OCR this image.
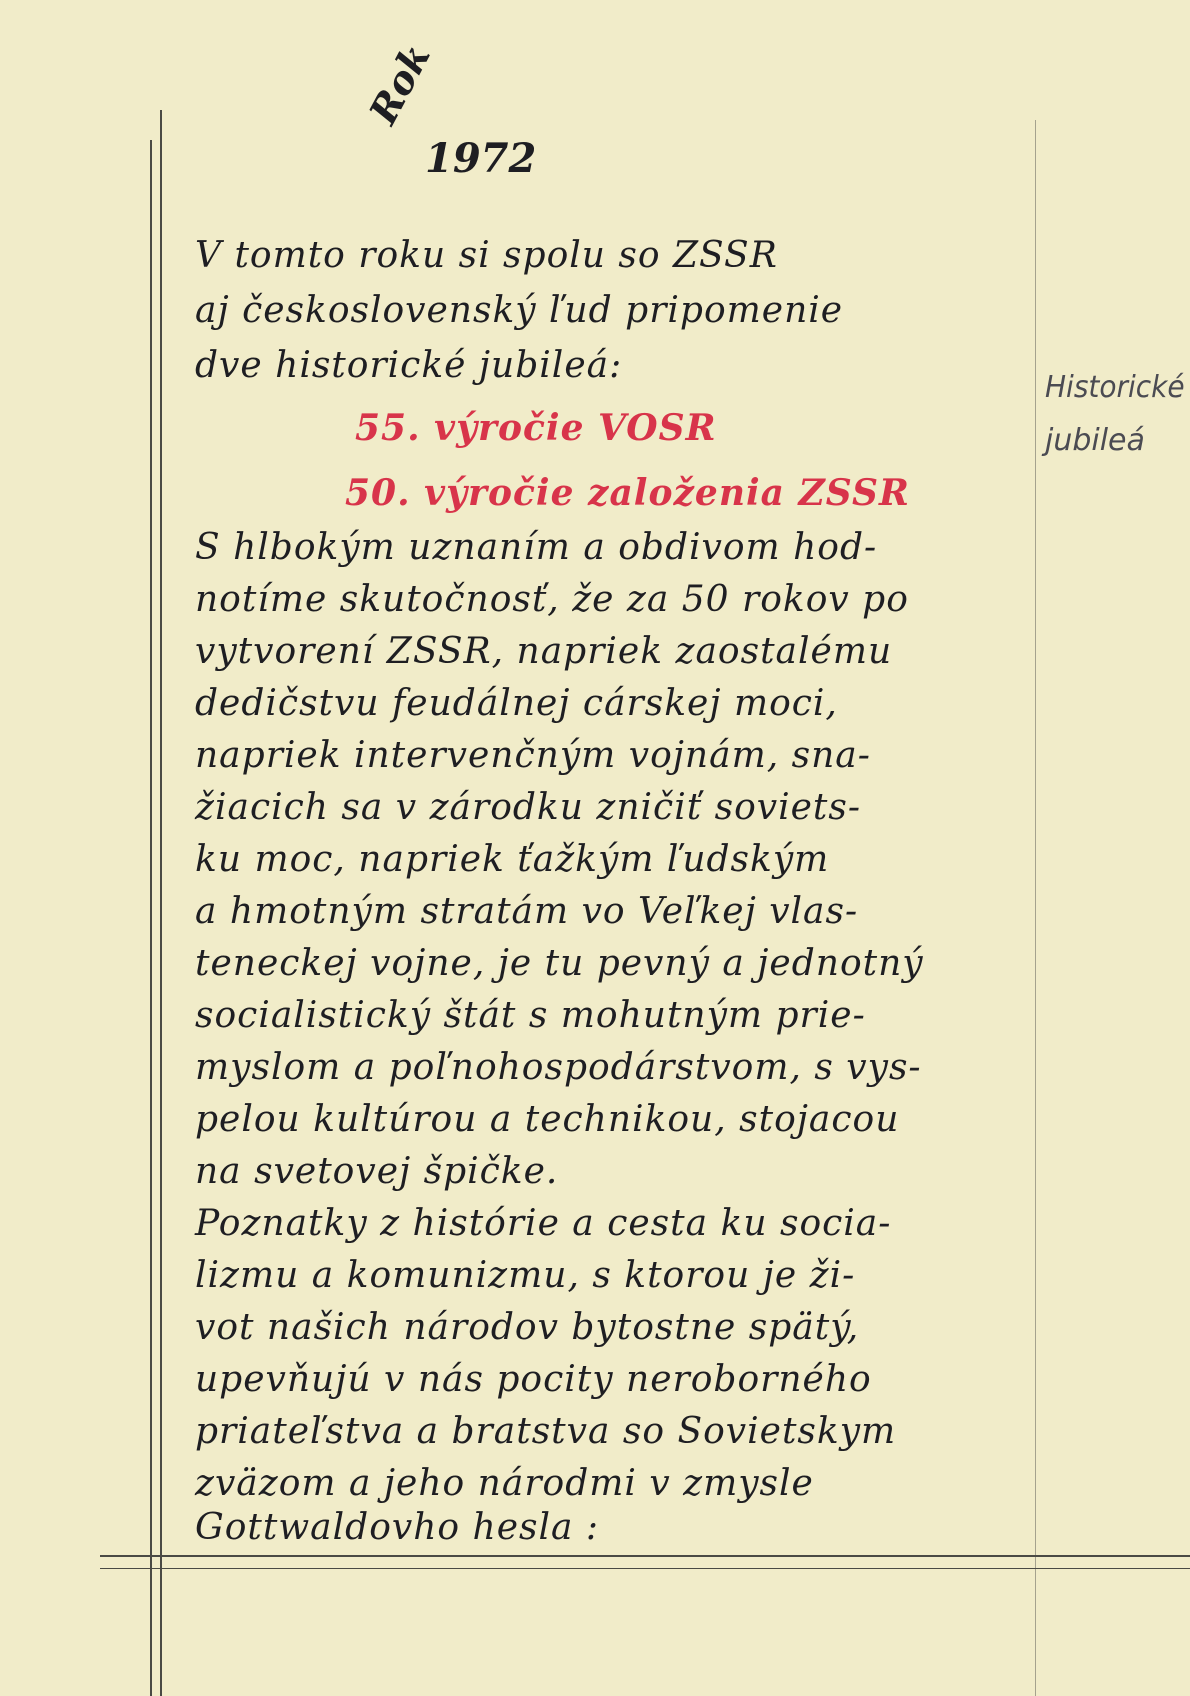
Rok
1972
V tomto roku si spolu so ZSSR
aj československý ľud pripomenie
dve historické jubileá:
55. výročie VOSR
50. výročie založenia ZSSR
S hlbokým uznaním a obdivom hod-
notíme skutočnosť, že za 50 rokov po
vytvorení ZSSR, napriek zaostalému
dedičstvu feudálnej cárskej moci,
napriek intervenčným vojnám, sna-
žiacich sa v zárodku zničiť soviets-
ku moc, napriek ťažkým ľudským
a hmotným stratám vo Veľkej vlas-
teneckej vojne, je tu pevný a jednotný
socialistický štát s mohutným prie-
myslom a poľnohospodárstvom, s vys-
pelou kultúrou a technikou, stojacou
na svetovej špičke.
Poznatky z histórie a cesta ku socia-
lizmu a komunizmu, s ktorou je ži-
vot našich národov bytostne spätý,
upevňujú v nás pocity neroborného
priateľstva a bratstva so Sovietskym
zväzom a jeho národmi v zmysle
Gottwaldovho hesla :
Historické
jubileá
